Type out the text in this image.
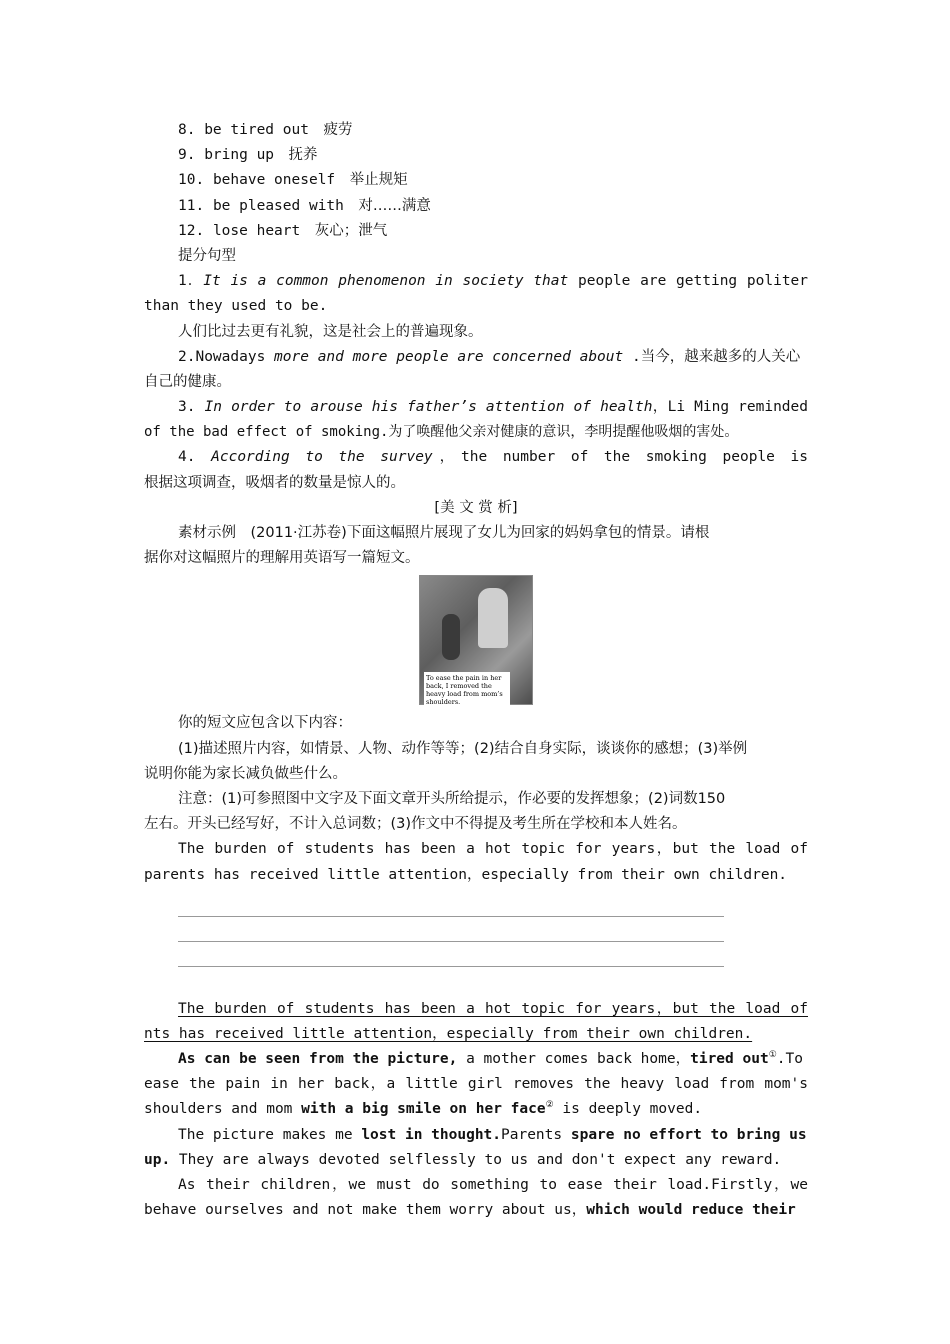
8. be tired out　 疲劳
9. bring up　 抚养
10. behave oneself　 举止规矩
11. be pleased with　 对……满意
12. lose heart　 灰心；泄气
提分句型
1．It is a common phenomenon in society that people are getting politer
than they used to be.
人们比过去更有礼貌，这是社会上的普遍现象。
2.Nowadays more and more people are concerned about .当今，越来越多的人关心
自己的健康。
3. In order to arouse his father’s attention of health，Li Ming reminded
of the bad effect of smoking.为了唤醒他父亲对健康的意识，李明提醒他吸烟的害处。
4. According to the survey，the number of the smoking people is
根据这项调查，吸烟者的数量是惊人的。
[美 文 赏 析]
素材示例　(2011·江苏卷)下面这幅照片展现了女儿为回家的妈妈拿包的情景。请根
据你对这幅照片的理解用英语写一篇短文。
To ease the pain in her back, I removed the heavy load from mom’s shoulders.
你的短文应包含以下内容：
(1)描述照片内容，如情景、人物、动作等等；(2)结合自身实际，谈谈你的感想；(3)举例
说明你能为家长减负做些什么。
注意：(1)可参照图中文字及下面文章开头所给提示，作必要的发挥想象；(2)词数150
左右。开头已经写好，不计入总词数；(3)作文中不得提及考生所在学校和本人姓名。
The burden of students has been a hot topic for years，but the load of
parents has received little attention，especially from their own children.
The burden of students has been a hot topic for years，but the load of
nts has received little attention，especially from their own children.
As can be seen from the picture, a mother comes back home，tired out①.To
ease the pain in her back，a little girl removes the heavy load from mom's
shoulders and mom with a big smile on her face② is deeply moved.
The picture makes me lost in thought.Parents spare no effort to bring us
up. They are always devoted selflessly to us and don't expect any reward.
As their children，we must do something to ease their load.Firstly，we
behave ourselves and not make them worry about us，which would reduce their
